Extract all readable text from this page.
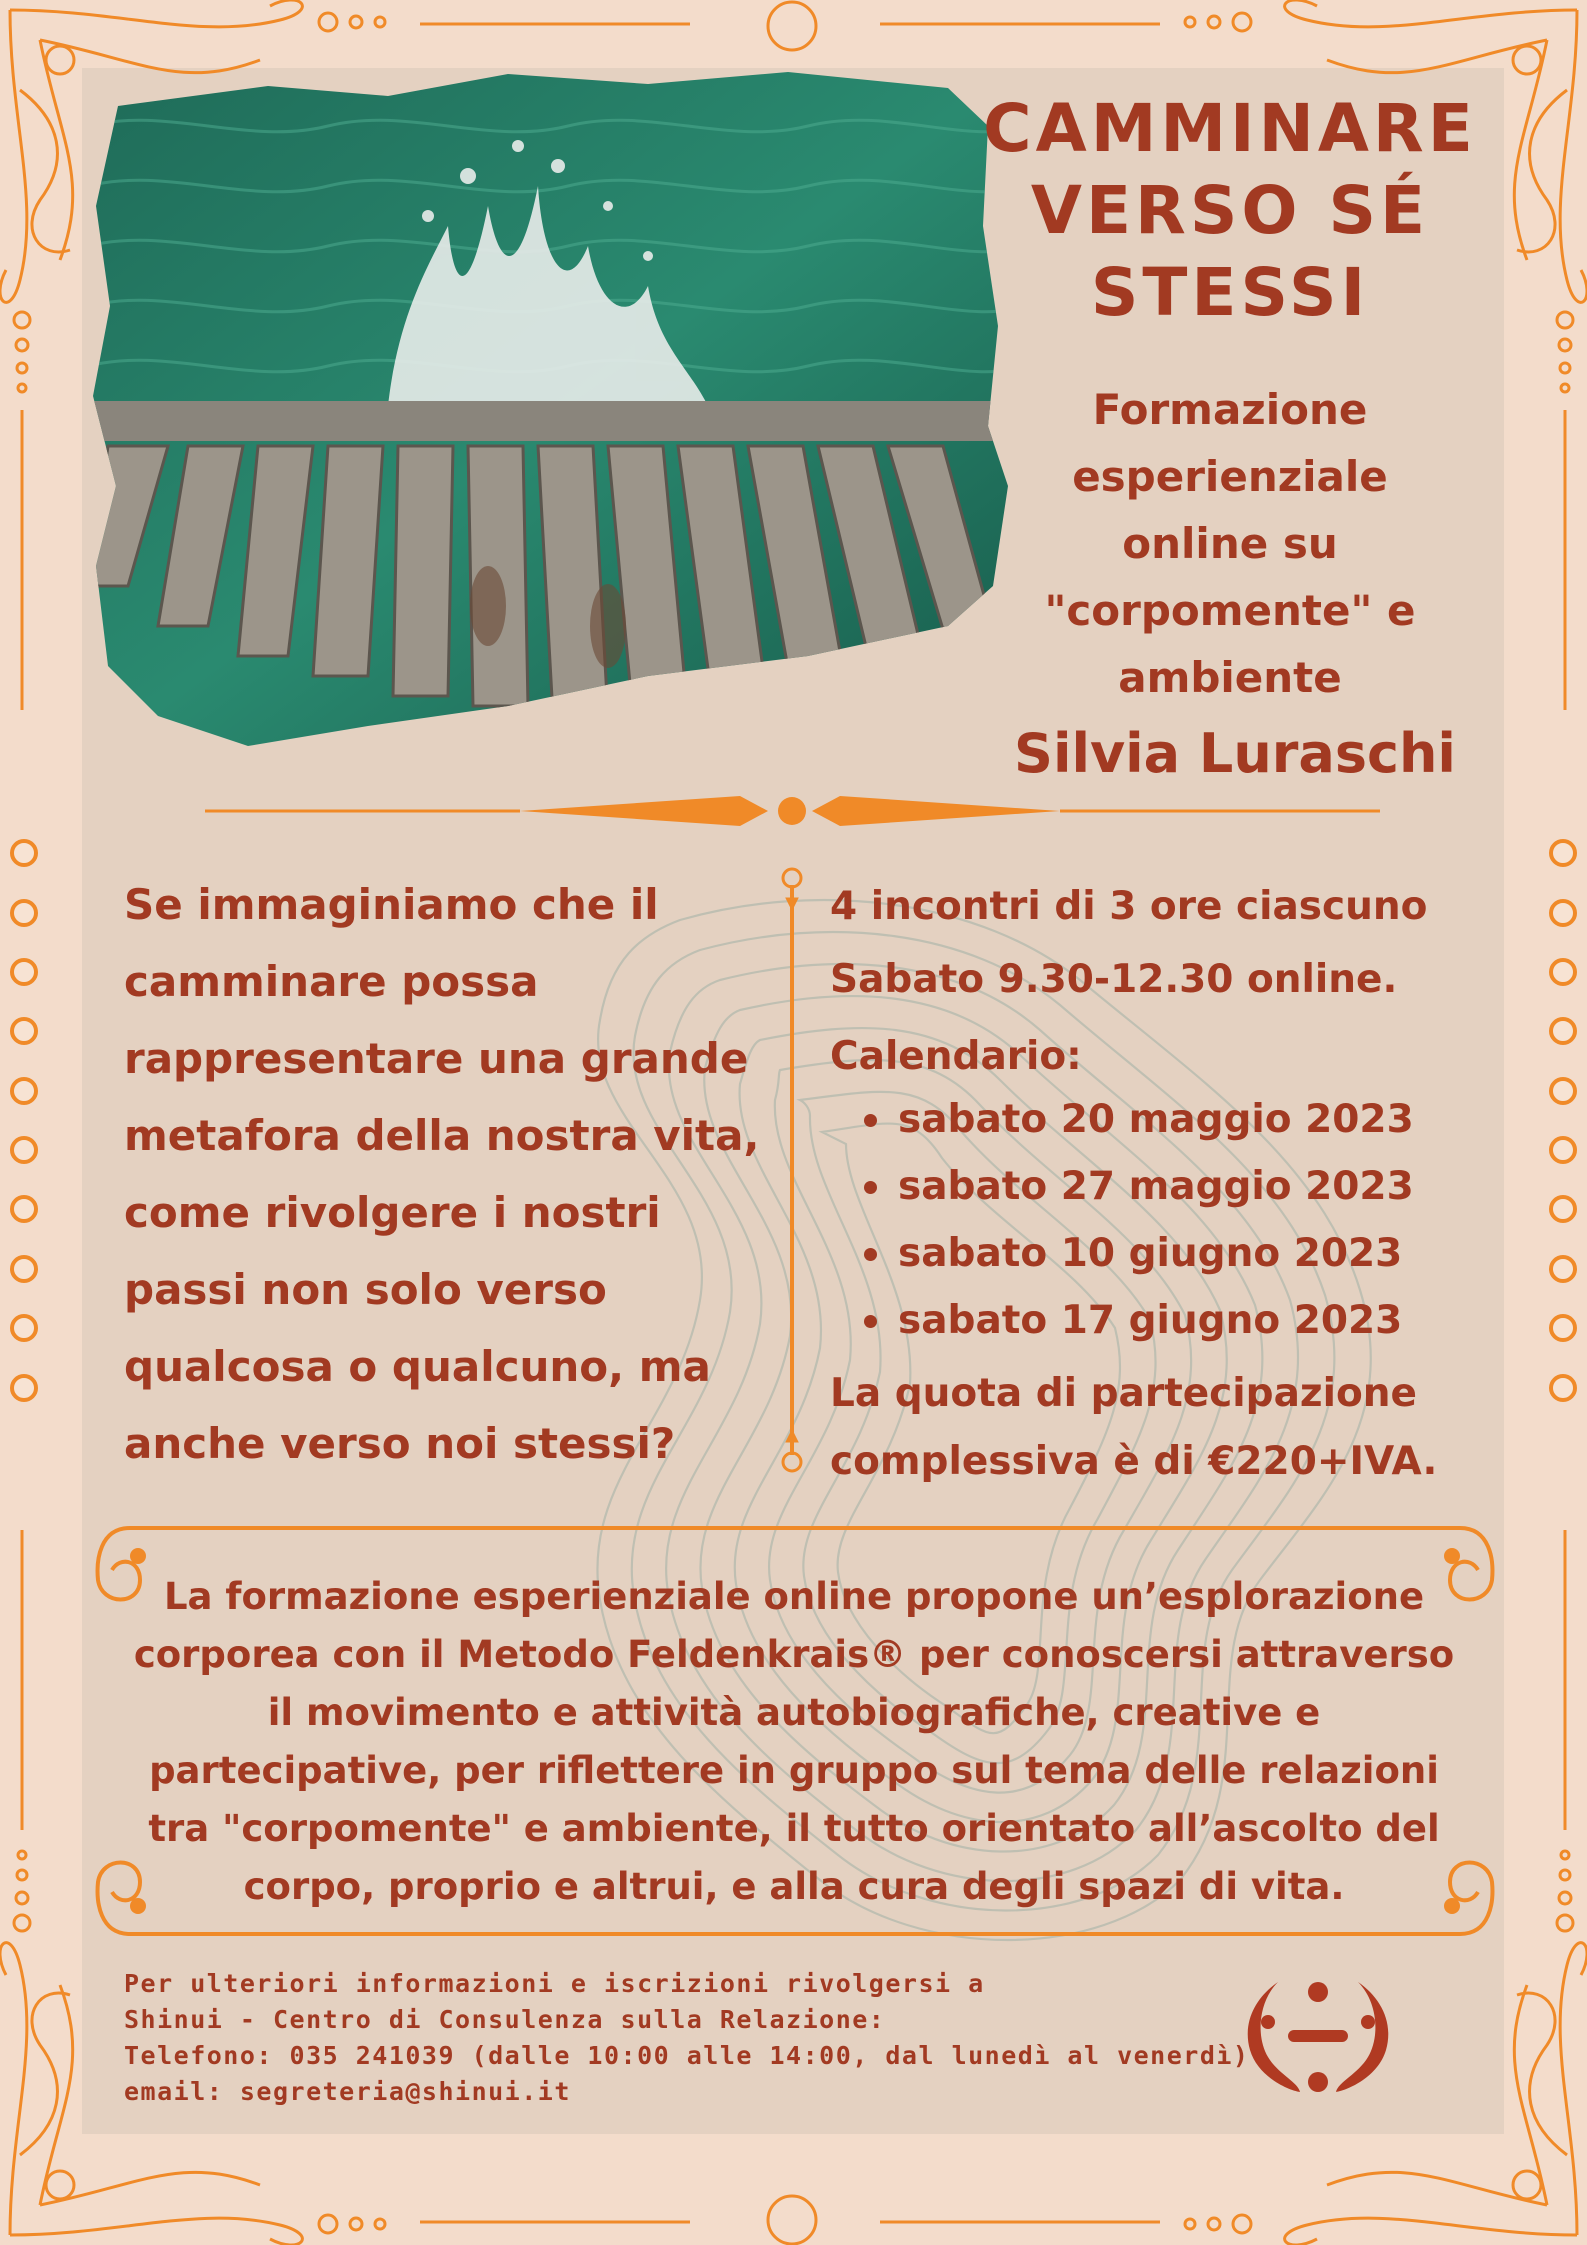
CAMMINARE
VERSO SÉ
STESSI
Formazione
esperienziale
online su
"corpomente" e
ambiente
Silvia Luraschi
Se immaginiamo che il camminare possa rappresentare una grande metafora della nostra vita, come rivolgere i nostri passi non solo verso qualcosa o qualcuno, ma anche verso noi stessi?
4 incontri di 3 ore ciascuno
Sabato 9.30-12.30 online.
Calendario:
sabato 20 maggio 2023
sabato 27 maggio 2023
sabato 10 giugno 2023
sabato 17 giugno 2023
La quota di partecipazione
complessiva è di €220+IVA.
La formazione esperienziale online propone un’esplorazione corporea con il Metodo Feldenkrais® per conoscersi attraverso il movimento e attività autobiografiche, creative e partecipative, per riflettere in gruppo sul tema delle relazioni tra "corpomente" e ambiente, il tutto orientato all’ascolto del corpo, proprio e altrui, e alla cura degli spazi di vita.
Per ulteriori informazioni e iscrizioni rivolgersi a
Shinui - Centro di Consulenza sulla Relazione:
Telefono: 035 241039 (dalle 10:00 alle 14:00, dal lunedì al venerdì)
email: segreteria@shinui.it
